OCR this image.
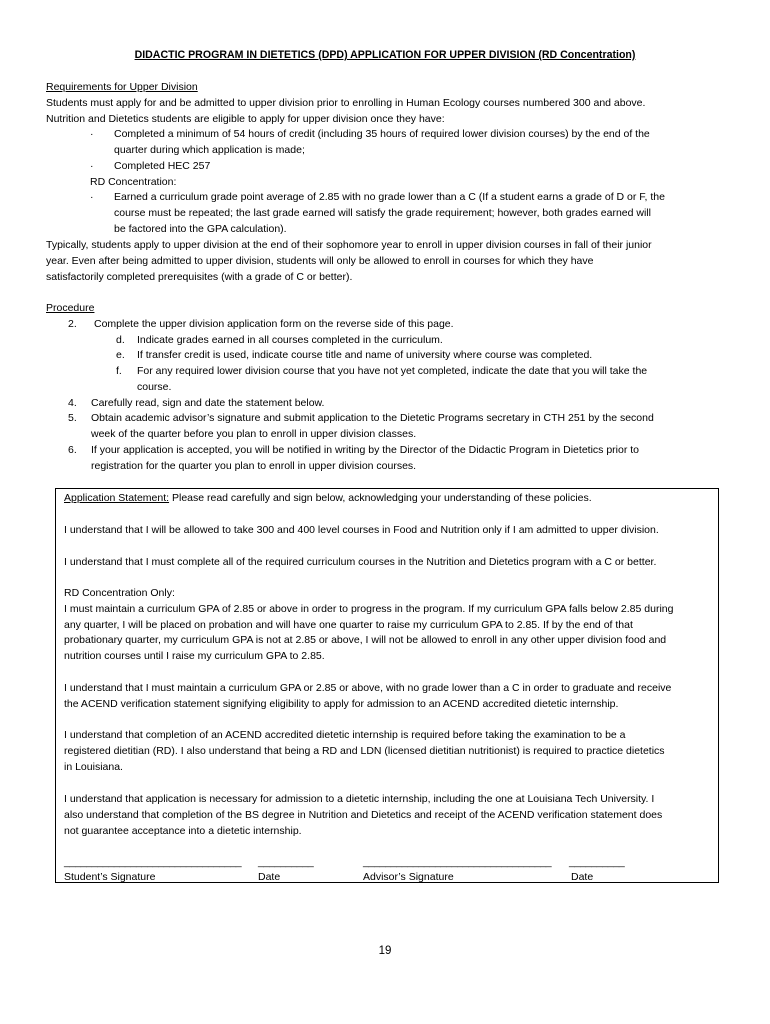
DIDACTIC PROGRAM IN DIETETICS (DPD) APPLICATION FOR UPPER DIVISION (RD Concentration)
Requirements for Upper Division
Students must apply for and be admitted to upper division prior to enrolling in Human Ecology courses numbered 300 and above.
Nutrition and Dietetics students are eligible to apply for upper division once they have:
· Completed a minimum of 54 hours of credit (including 35 hours of required lower division courses) by the end of the
quarter during which application is made;
· Completed HEC 257
RD Concentration:
· Earned a curriculum grade point average of 2.85 with no grade lower than a C (If a student earns a grade of D or F, the
course must be repeated; the last grade earned will satisfy the grade requirement; however, both grades earned will
be factored into the GPA calculation).
Typically, students apply to upper division at the end of their sophomore year to enroll in upper division courses in fall of their junior
year. Even after being admitted to upper division, students will only be allowed to enroll in courses for which they have
satisfactorily completed prerequisites (with a grade of C or better).
Procedure
2. Complete the upper division application form on the reverse side of this page.
d. Indicate grades earned in all courses completed in the curriculum.
e. If transfer credit is used, indicate course title and name of university where course was completed.
f. For any required lower division course that you have not yet completed, indicate the date that you will take the
course.
4. Carefully read, sign and date the statement below.
5. Obtain academic advisor’s signature and submit application to the Dietetic Programs secretary in CTH 251 by the second
week of the quarter before you plan to enroll in upper division classes.
6. If your application is accepted, you will be notified in writing by the Director of the Didactic Program in Dietetics prior to
registration for the quarter you plan to enroll in upper division courses.
Application Statement: Please read carefully and sign below, acknowledging your understanding of these policies.
I understand that I will be allowed to take 300 and 400 level courses in Food and Nutrition only if I am admitted to upper division.
I understand that I must complete all of the required curriculum courses in the Nutrition and Dietetics program with a C or better.
RD Concentration Only:
I must maintain a curriculum GPA of 2.85 or above in order to progress in the program. If my curriculum GPA falls below 2.85 during
any quarter, I will be placed on probation and will have one quarter to raise my curriculum GPA to 2.85. If by the end of that
probationary quarter, my curriculum GPA is not at 2.85 or above, I will not be allowed to enroll in any other upper division food and
nutrition courses until I raise my curriculum GPA to 2.85.
I understand that I must maintain a curriculum GPA or 2.85 or above, with no grade lower than a C in order to graduate and receive
the ACEND verification statement signifying eligibility to apply for admission to an ACEND accredited dietetic internship.
I understand that completion of an ACEND accredited dietetic internship is required before taking the examination to be a
registered dietitian (RD). I also understand that being a RD and LDN (licensed dietitian nutritionist) is required to practice dietetics
in Louisiana.
I understand that application is necessary for admission to a dietetic internship, including the one at Louisiana Tech University. I
also understand that completion of the BS degree in Nutrition and Dietetics and receipt of the ACEND verification statement does
not guarantee acceptance into a dietetic internship.
________________________________ __________	__________________________________ __________
Student’s Signature	Date	Advisor’s Signature	Date
19
